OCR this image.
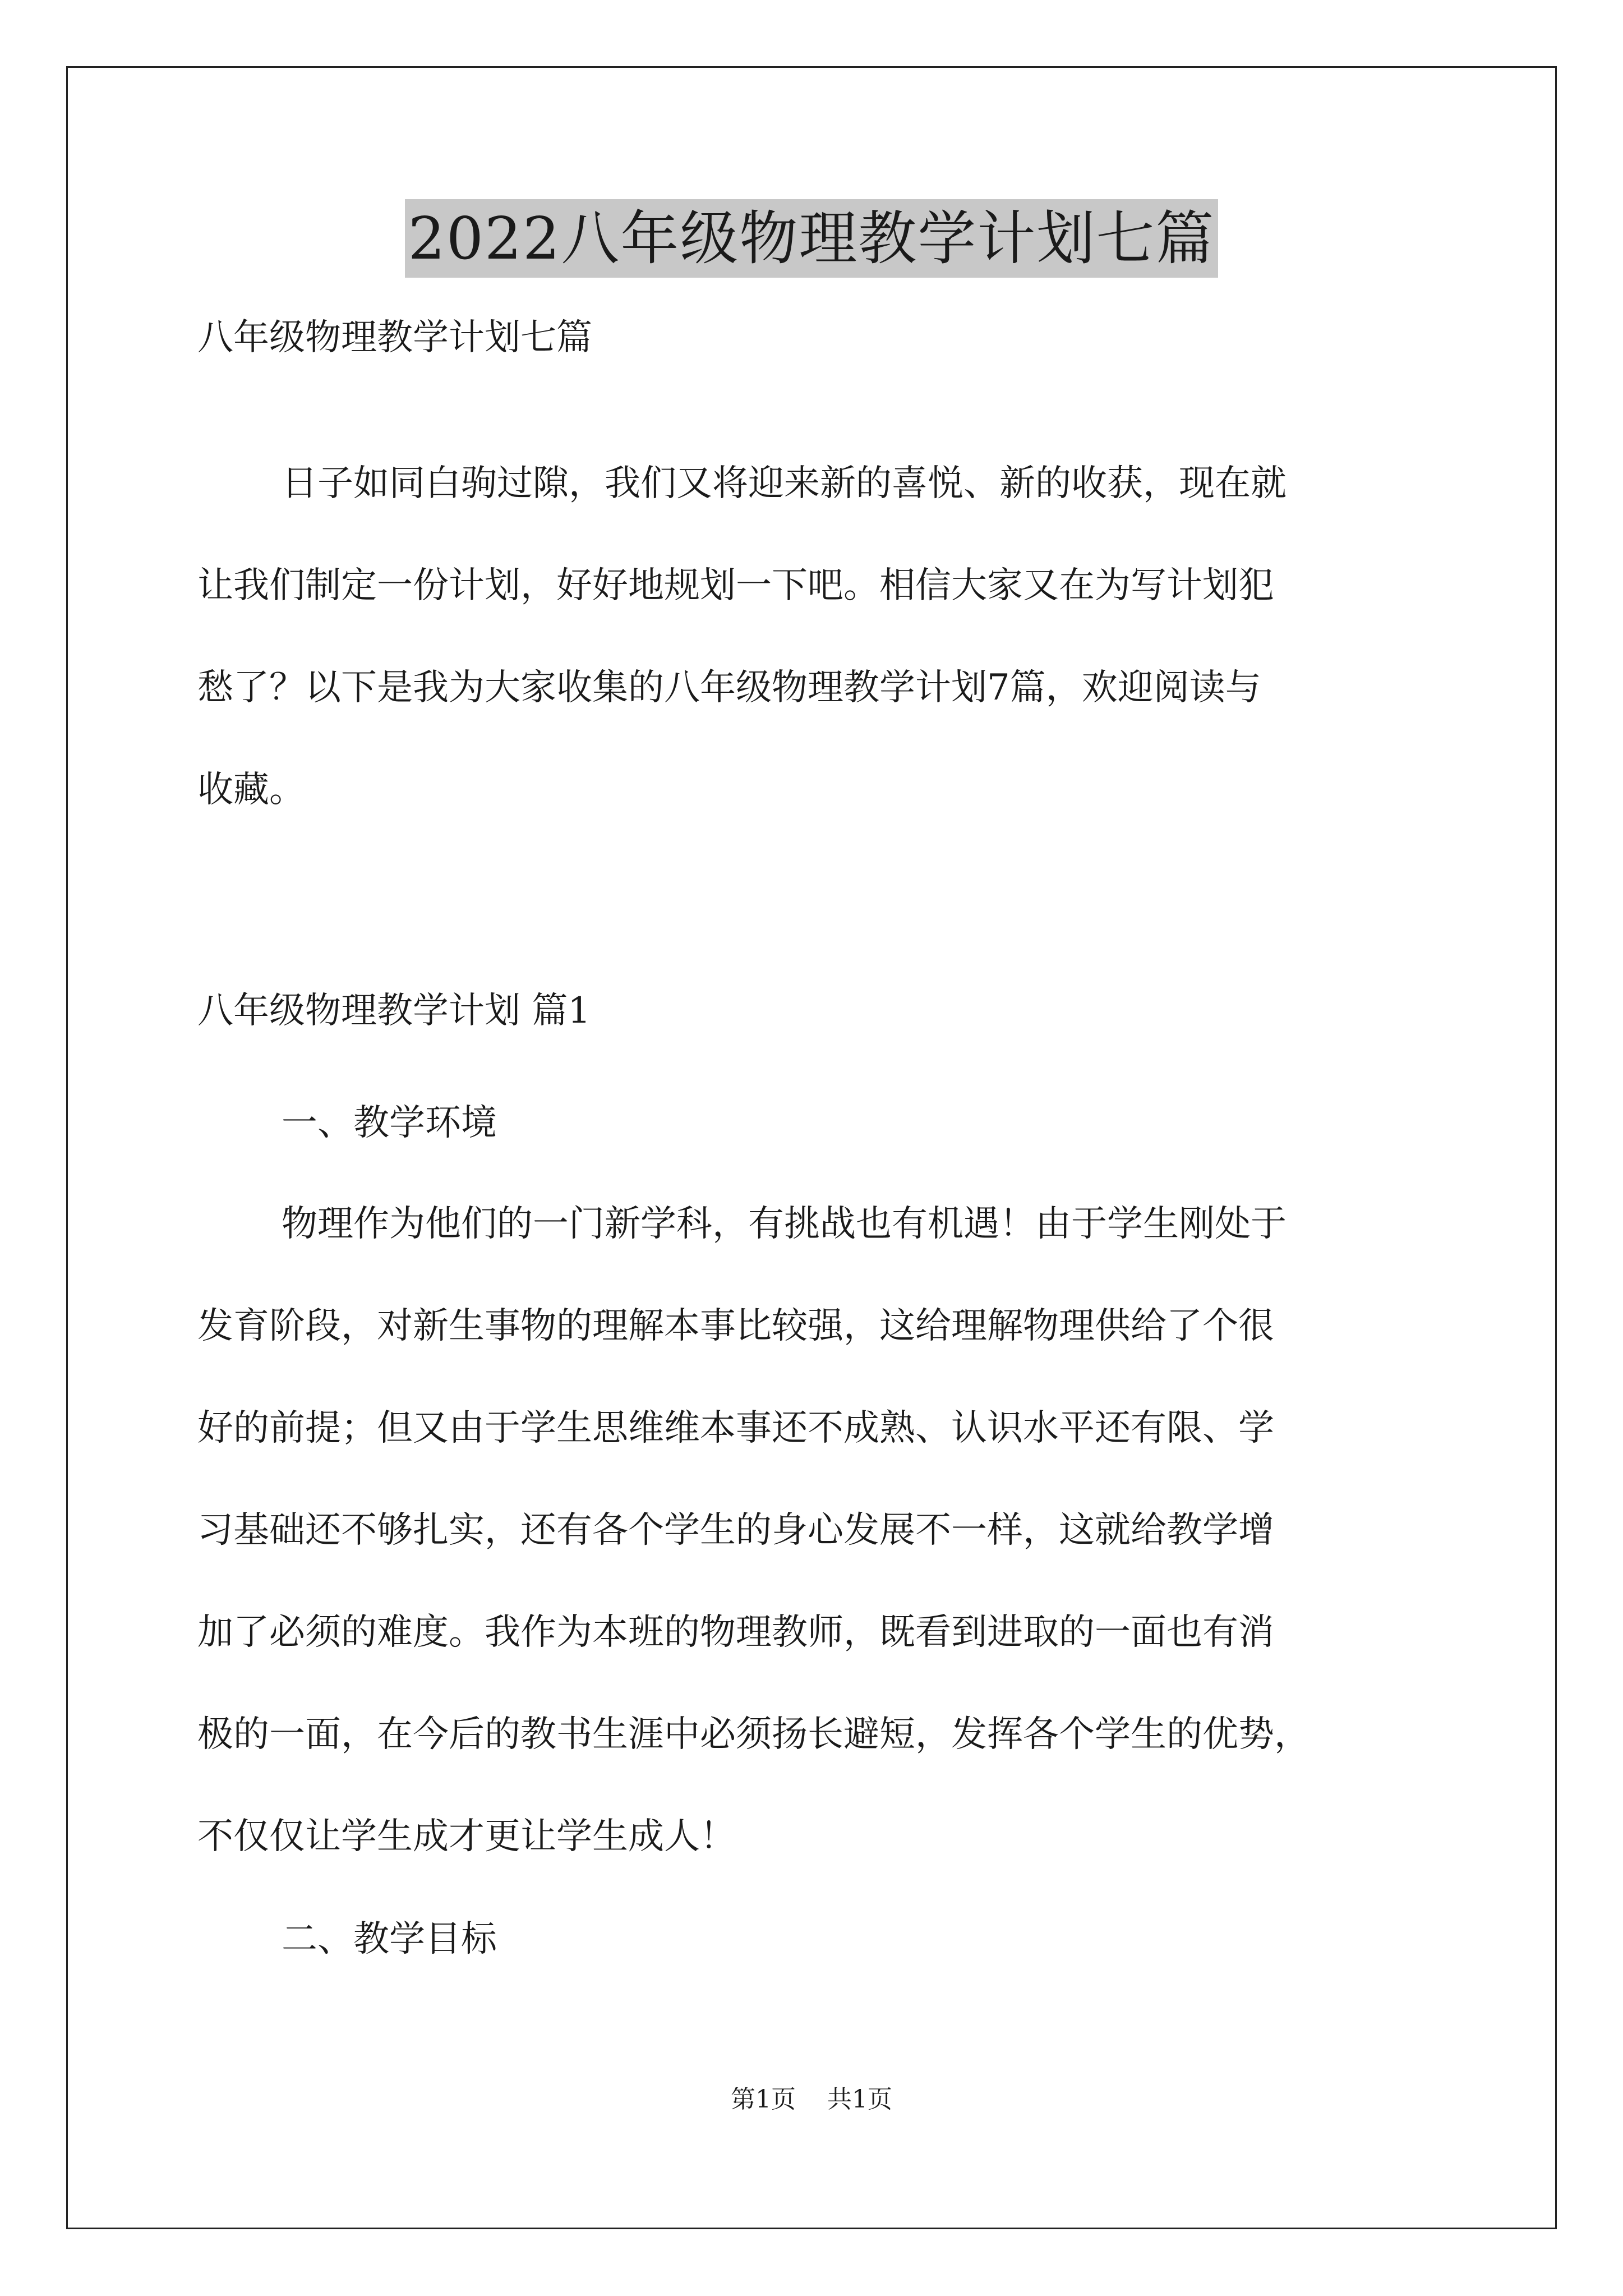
2022八年级物理教学计划七篇

八年级物理教学计划七篇

日子如同白驹过隙，我们又将迎来新的喜悦、新的收获，现在就

让我们制定一份计划，好好地规划一下吧。相信大家又在为写计划犯

愁了？以下是我为大家收集的八年级物理教学计划7篇，欢迎阅读与

收藏。

八年级物理教学计划 篇1

一、教学环境

物理作为他们的一门新学科，有挑战也有机遇！由于学生刚处于

发育阶段，对新生事物的理解本事比较强，这给理解物理供给了个很

好的前提；但又由于学生思维维本事还不成熟、认识水平还有限、学

习基础还不够扎实，还有各个学生的身心发展不一样，这就给教学增

加了必须的难度。我作为本班的物理教师，既看到进取的一面也有消

极的一面，在今后的教书生涯中必须扬长避短，发挥各个学生的优势，

不仅仅让学生成才更让学生成人！

二、教学目标

第1页    共1页
